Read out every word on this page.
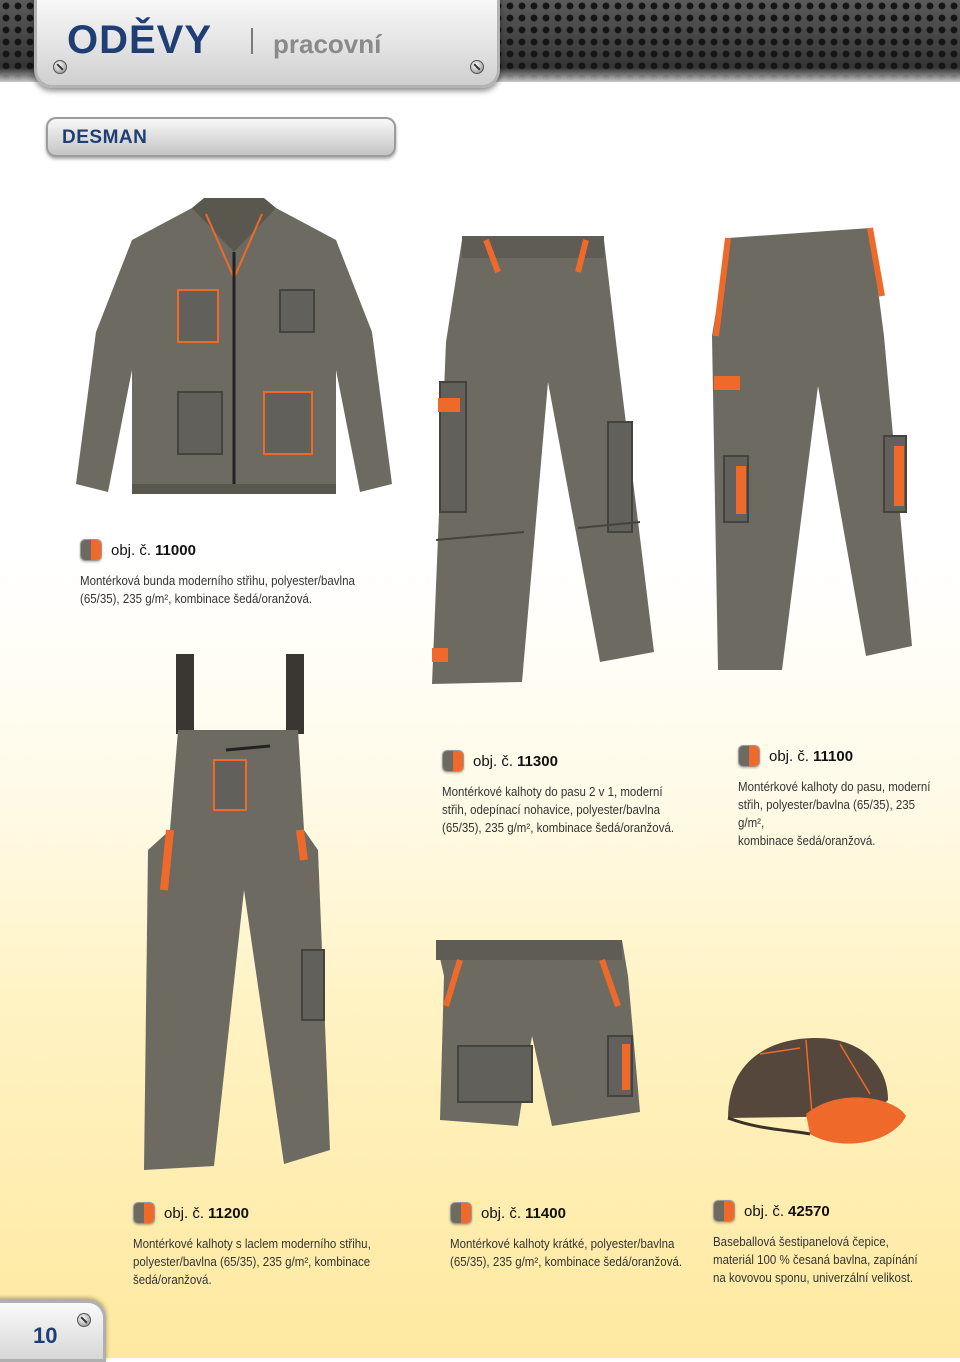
ODĚVY pracovní
DESMAN
obj. č. 11000
Montérková bunda moderního střihu, polyester/bavlna
(65/35), 235 g/m², kombinace šedá/oranžová.
obj. č. 11300
Montérkové kalhoty do pasu 2 v 1, moderní
střih, odepínací nohavice, polyester/bavlna
(65/35), 235 g/m², kombinace šedá/oranžová.
obj. č. 11100
Montérkové kalhoty do pasu, moderní
střih, polyester/bavlna (65/35), 235 g/m²,
kombinace šedá/oranžová.
obj. č. 11200
Montérkové kalhoty s laclem moderního střihu,
polyester/bavlna (65/35), 235 g/m², kombinace
šedá/oranžová.
obj. č. 11400
Montérkové kalhoty krátké, polyester/bavlna
(65/35), 235 g/m², kombinace šedá/oranžová.
obj. č. 42570
Baseballová šestipanelová čepice,
materiál 100 % česaná bavlna, zapínání
na kovovou sponu, univerzální velikost.
10
